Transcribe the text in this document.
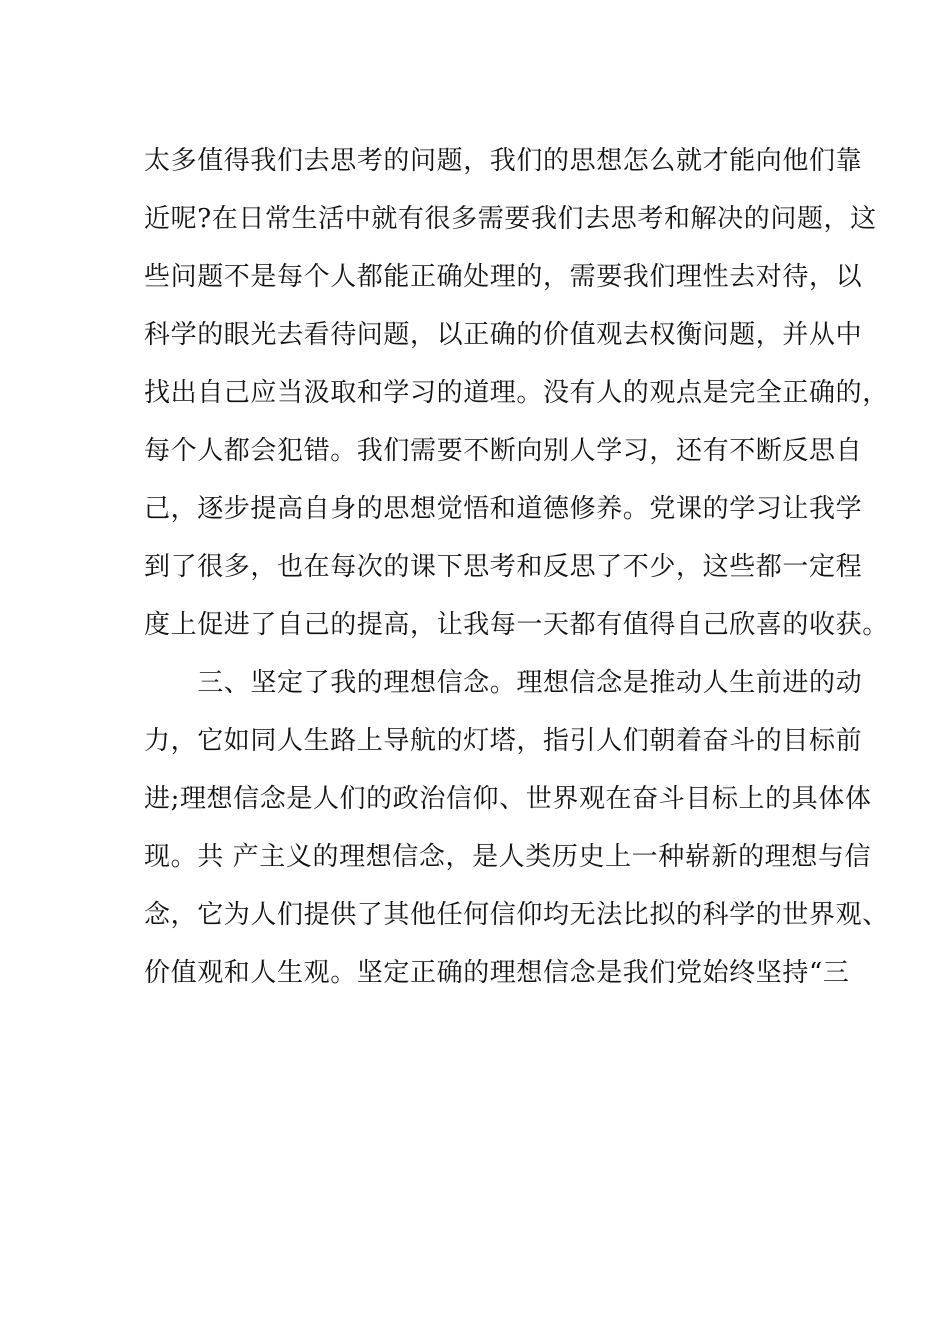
太多值得我们去思考的问题，我们的思想怎么就才能向他们靠
近呢?在日常生活中就有很多需要我们去思考和解决的问题，这
些问题不是每个人都能正确处理的，需要我们理性去对待，以
科学的眼光去看待问题，以正确的价值观去权衡问题，并从中
找出自己应当汲取和学习的道理。没有人的观点是完全正确的，
每个人都会犯错。我们需要不断向别人学习，还有不断反思自
己，逐步提高自身的思想觉悟和道德修养。党课的学习让我学
到了很多，也在每次的课下思考和反思了不少，这些都一定程
度上促进了自己的提高，让我每一天都有值得自己欣喜的收获。
　　三、坚定了我的理想信念。理想信念是推动人生前进的动
力，它如同人生路上导航的灯塔，指引人们朝着奋斗的目标前
进;理想信念是人们的政治信仰、世界观在奋斗目标上的具体体
现。共 产主义的理想信念，是人类历史上一种崭新的理想与信
念，它为人们提供了其他任何信仰均无法比拟的科学的世界观、
价值观和人生观。坚定正确的理想信念是我们党始终坚持“三
